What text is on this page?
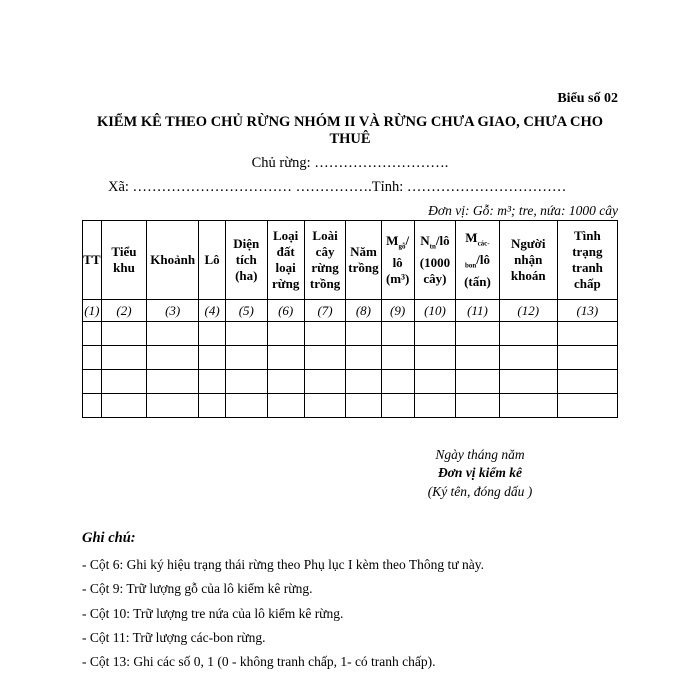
Biểu số 02
KIỂM KÊ THEO CHỦ RỪNG NHÓM II VÀ RỪNG CHƯA GIAO, CHƯA CHO THUÊ
Chủ rừng: ……………………….
Xã: …………………………… …………….Tỉnh: ……………………………
Đơn vị: Gỗ: m³; tre, nứa: 1000 cây
TT	Tiểu khu	Khoảnh	Lô	Diện tích (ha)	Loại đất loại rừng	Loài cây rừng trồng	Năm trồng	$M_{gỗ}/$ lô (m³)	$N_{tn}/lô$ (1000 cây)	$M_{các-bon}/lô$ (tấn)	Người nhận khoán	Tình trạng tranh chấp
(1)	(2)	(3)	(4)	(5)	(6)	(7)	(8)	(9)	(10)	(11)	(12)	(13)

Ngày tháng năm
Đơn vị kiểm kê
(Ký tên, đóng dấu )
Ghi chú:
- Cột 6: Ghi ký hiệu trạng thái rừng theo Phụ lục I kèm theo Thông tư này.
- Cột 9: Trữ lượng gỗ của lô kiểm kê rừng.
- Cột 10: Trữ lượng tre nứa của lô kiểm kê rừng.
- Cột 11: Trữ lượng các-bon rừng.
- Cột 13: Ghi các số 0, 1 (0 - không tranh chấp, 1- có tranh chấp).
